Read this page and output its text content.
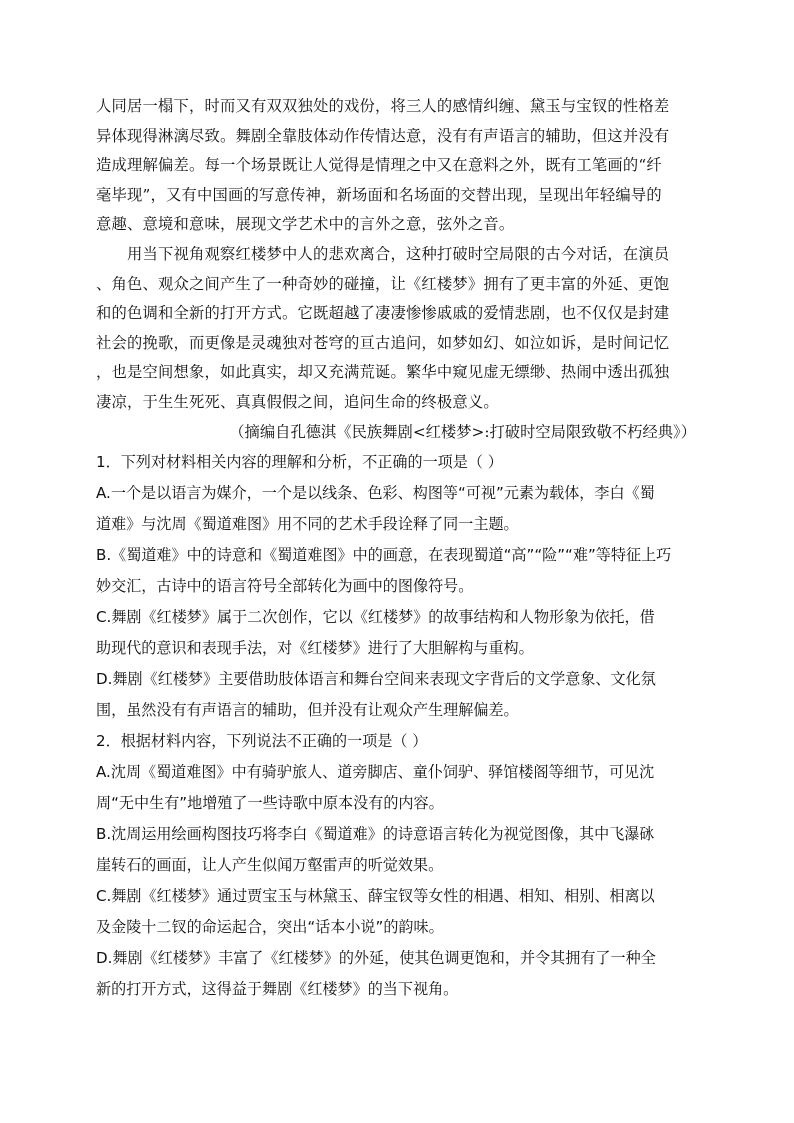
人同居一榻下，时而又有双双独处的戏份，将三人的感情纠缠、黛玉与宝钗的性格差
异体现得淋漓尽致。舞剧全靠肢体动作传情达意，没有有声语言的辅助，但这并没有
造成理解偏差。每一个场景既让人觉得是情理之中又在意料之外，既有工笔画的“纤
毫毕现”，又有中国画的写意传神，新场面和名场面的交替出现，呈现出年轻编导的
意趣、意境和意味，展现文学艺术中的言外之意，弦外之音。

用当下视角观察红楼梦中人的悲欢离合，这种打破时空局限的古今对话，在演员
、角色、观众之间产生了一种奇妙的碰撞，让《红楼梦》拥有了更丰富的外延、更饱
和的色调和全新的打开方式。它既超越了凄凄惨惨戚戚的爱情悲剧，也不仅仅是封建
社会的挽歌，而更像是灵魂独对苍穹的亘古追问，如梦如幻、如泣如诉，是时间记忆
，也是空间想象，如此真实，却又充满荒诞。繁华中窥见虚无缥缈、热闹中透出孤独
凄凉，于生生死死、真真假假之间，追问生命的终极意义。

（摘编自孔德淇《民族舞剧<红楼梦>:打破时空局限致敬不朽经典》）

1．下列对材料相关内容的理解和分析，不正确的一项是（ ）
A.一个是以语言为媒介，一个是以线条、色彩、构图等“可视”元素为载体，李白《蜀
道难》与沈周《蜀道难图》用不同的艺术手段诠释了同一主题。
B.《蜀道难》中的诗意和《蜀道难图》中的画意，在表现蜀道“高”“险”“难”等特征上巧
妙交汇，古诗中的语言符号全部转化为画中的图像符号。
C.舞剧《红楼梦》属于二次创作，它以《红楼梦》的故事结构和人物形象为依托，借
助现代的意识和表现手法，对《红楼梦》进行了大胆解构与重构。
D.舞剧《红楼梦》主要借助肢体语言和舞台空间来表现文字背后的文学意象、文化氛
围，虽然没有有声语言的辅助，但并没有让观众产生理解偏差。
2．根据材料内容，下列说法不正确的一项是（ ）
A.沈周《蜀道难图》中有骑驴旅人、道旁脚店、童仆饲驴、驿馆楼阁等细节，可见沈
周“无中生有”地增殖了一些诗歌中原本没有的内容。
B.沈周运用绘画构图技巧将李白《蜀道难》的诗意语言转化为视觉图像，其中飞瀑砯
崖转石的画面，让人产生似闻万壑雷声的听觉效果。
C.舞剧《红楼梦》通过贾宝玉与林黛玉、薛宝钗等女性的相遇、相知、相别、相离以
及金陵十二钗的命运起合，突出“话本小说”的韵味。
D.舞剧《红楼梦》丰富了《红楼梦》的外延，使其色调更饱和，并令其拥有了一种全
新的打开方式，这得益于舞剧《红楼梦》的当下视角。
